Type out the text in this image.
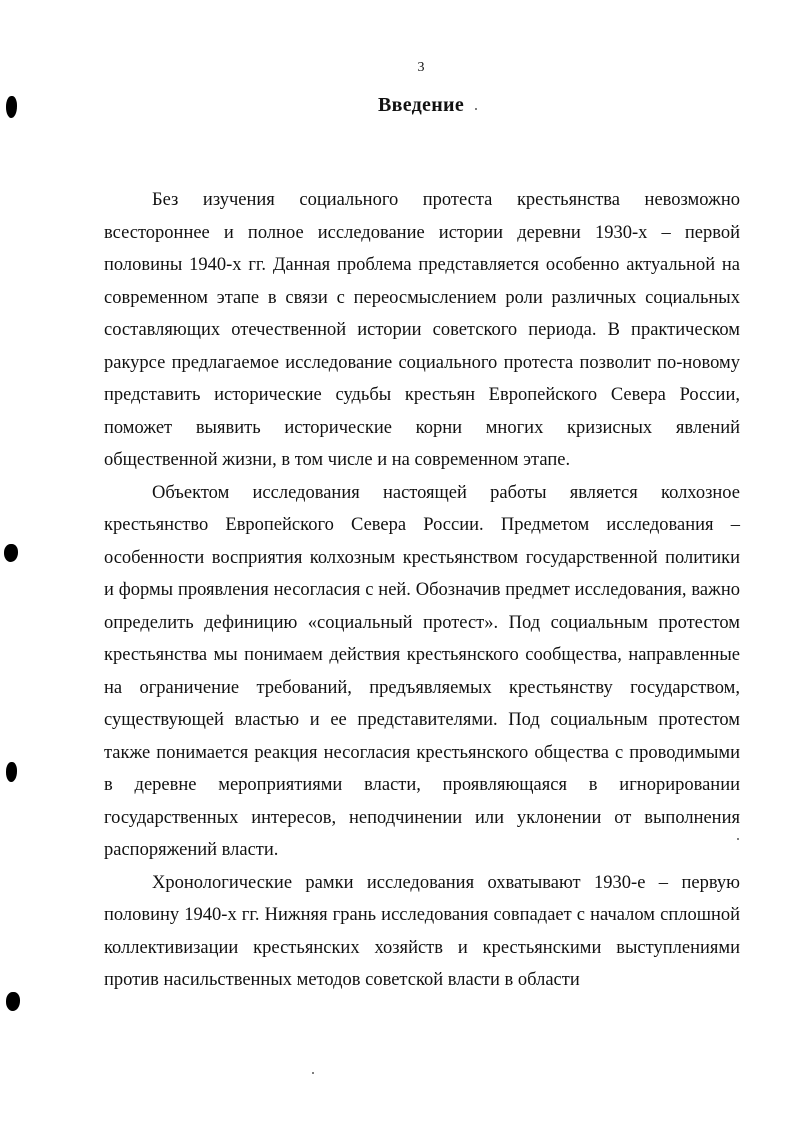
3
Введение

Без изучения социального протеста крестьянства невозможно всестороннее и полное исследование истории деревни 1930-х – первой половины 1940-х гг. Данная проблема представляется особенно актуальной на современном этапе в связи с переосмыслением роли различных социальных составляющих отечественной истории советского периода. В практическом ракурсе предлагаемое исследование социального протеста позволит по-новому представить исторические судьбы крестьян Европейского Севера России, поможет выявить исторические корни многих кризисных явлений общественной жизни, в том числе и на современном этапе.

Объектом исследования настоящей работы является колхозное крестьянство Европейского Севера России. Предметом исследования – особенности восприятия колхозным крестьянством государственной политики и формы проявления несогласия с ней. Обозначив предмет исследования, важно определить дефиницию «социальный протест». Под социальным протестом крестьянства мы понимаем действия крестьянского сообщества, направленные на ограничение требований, предъявляемых крестьянству государством, существующей властью и ее представителями. Под социальным протестом также понимается реакция несогласия крестьянского общества с проводимыми в деревне мероприятиями власти, проявляющаяся в игнорировании государственных интересов, неподчинении или уклонении от выполнения распоряжений власти.

Хронологические рамки исследования охватывают 1930-е – первую половину 1940-х гг. Нижняя грань исследования совпадает с началом сплошной коллективизации крестьянских хозяйств и крестьянскими выступлениями против насильственных методов советской власти в области
